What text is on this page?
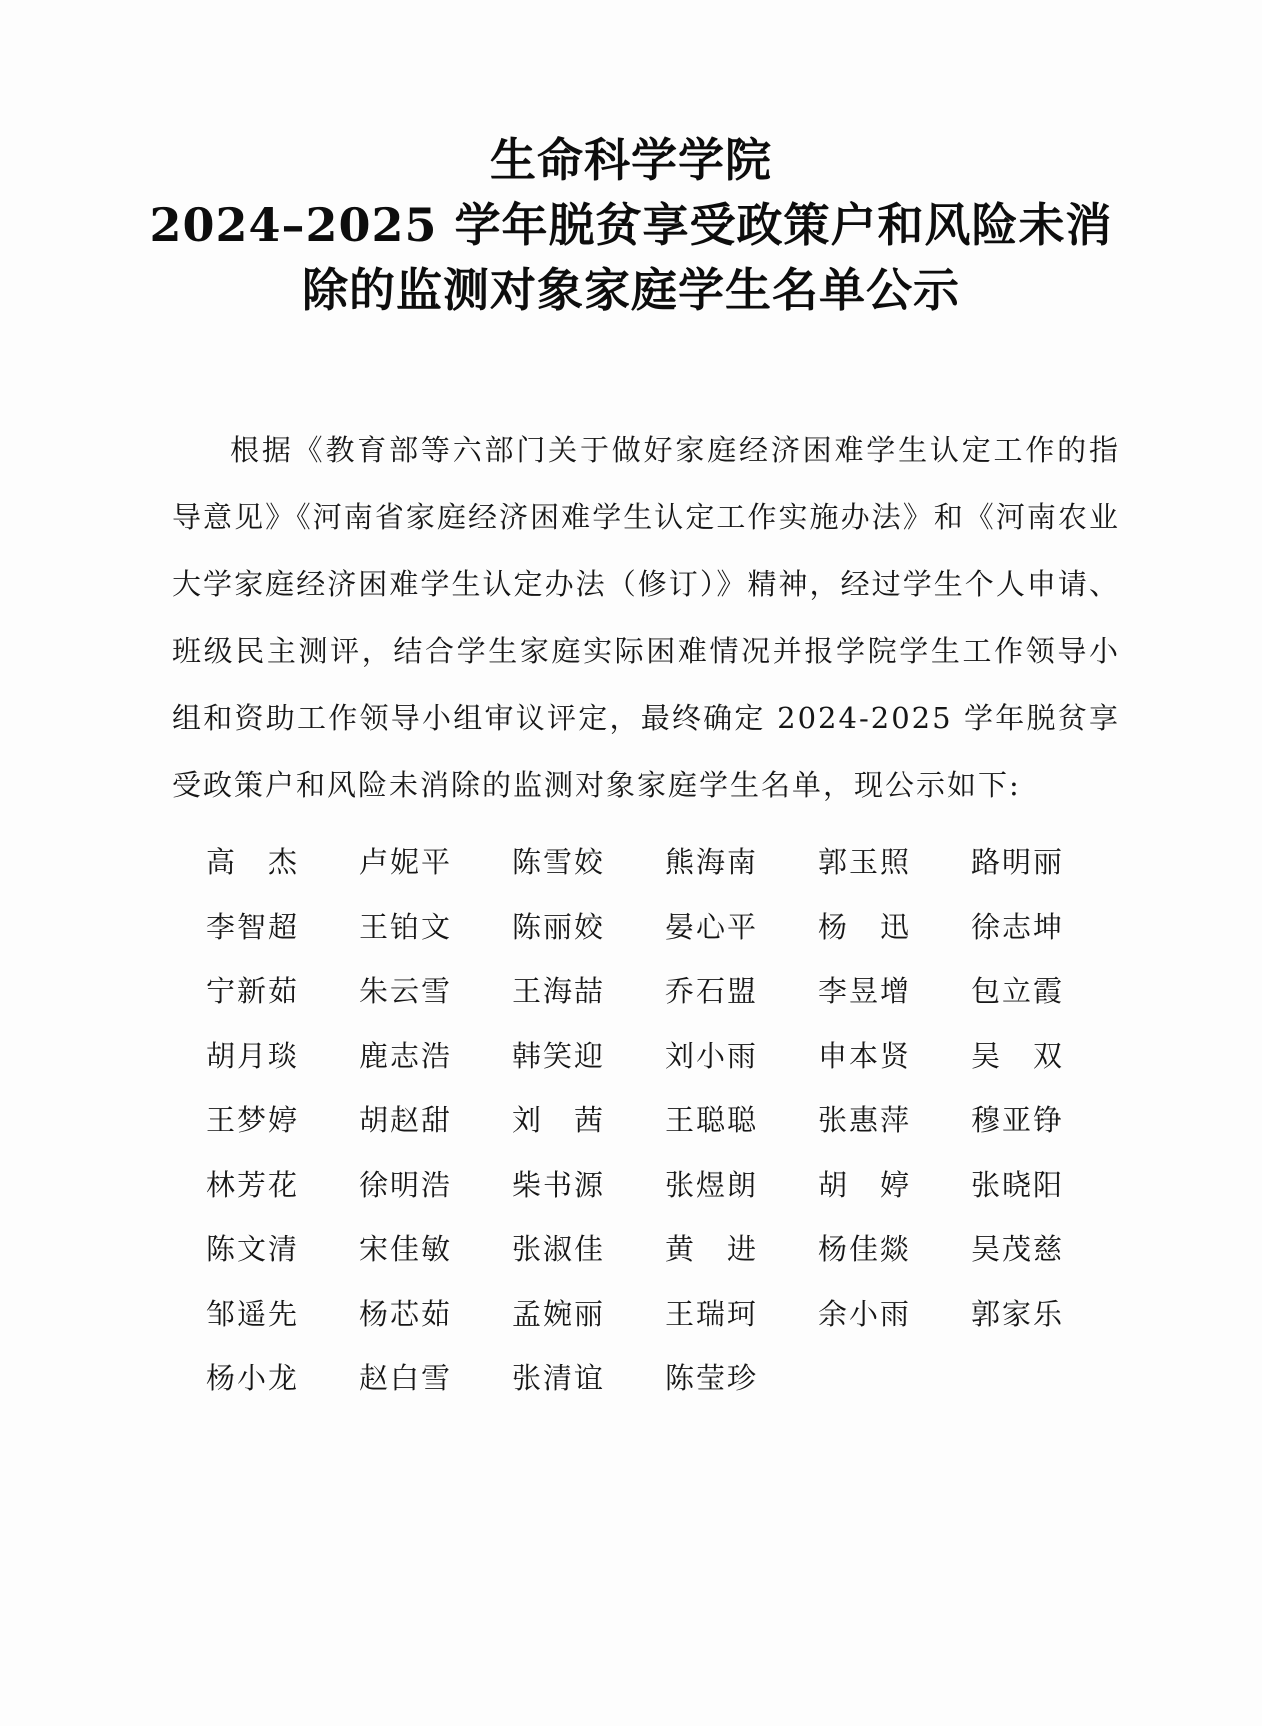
生命科学学院
2024–2025 学年脱贫享受政策户和风险未消
除的监测对象家庭学生名单公示

根据《教育部等六部门关于做好家庭经济困难学生认定工作的指导意见》《河南省家庭经济困难学生认定工作实施办法》和《河南农业大学家庭经济困难学生认定办法（修订）》精神，经过学生个人申请、班级民主测评，结合学生家庭实际困难情况并报学院学生工作领导小组和资助工作领导小组审议评定，最终确定 2024-2025 学年脱贫享受政策户和风险未消除的监测对象家庭学生名单，现公示如下:

高　杰	卢妮平	陈雪姣	熊海南	郭玉照	路明丽
李智超	王铂文	陈丽姣	晏心平	杨　迅	徐志坤
宁新茹	朱云雪	王海喆	乔石盟	李昱增	包立霞
胡月琰	鹿志浩	韩笑迎	刘小雨	申本贤	吴　双
王梦婷	胡赵甜	刘　茜	王聪聪	张惠萍	穆亚铮
林芳花	徐明浩	柴书源	张煜朗	胡　婷	张晓阳
陈文清	宋佳敏	张淑佳	黄　进	杨佳燚	吴茂慈
邹遥先	杨芯茹	孟婉丽	王瑞珂	余小雨	郭家乐
杨小龙	赵白雪	张清谊	陈莹珍
